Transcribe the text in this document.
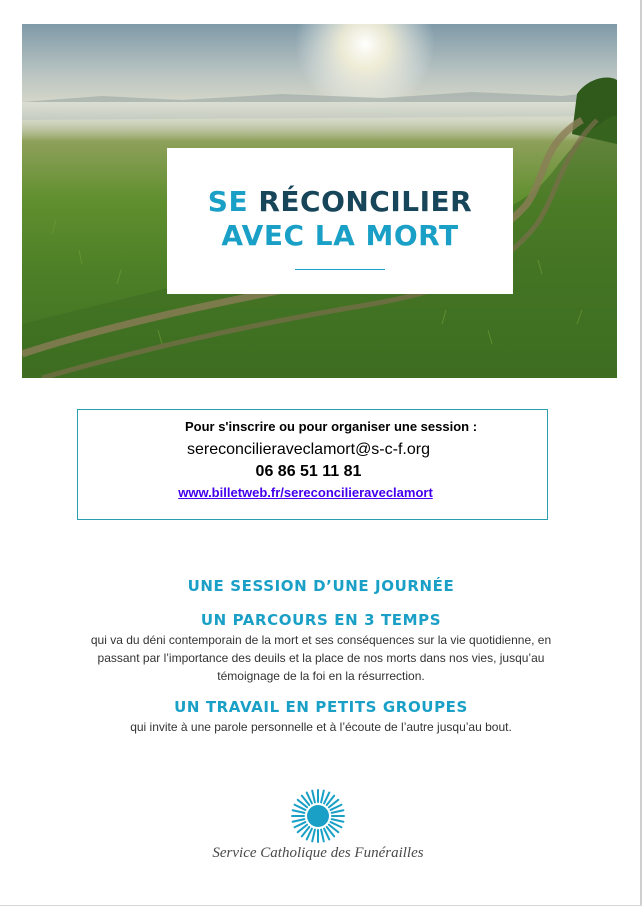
SE RÉCONCILIER
AVEC LA MORT
Pour s'inscrire ou pour organiser une session :
sereconcilieraveclamort@s-c-f.org
06 86 51 11 81
www.billetweb.fr/sereconcilieraveclamort
UNE SESSION D’UNE JOURNÉE
UN PARCOURS EN 3 TEMPS
qui va du déni contemporain de la mort et ses conséquences sur la vie quotidienne, en passant par l’importance des deuils et la place de nos morts dans nos vies, jusqu’au témoignage de la foi en la résurrection.
UN TRAVAIL EN PETITS GROUPES
qui invite à une parole personnelle et à l’écoute de l’autre jusqu’au bout.
Service Catholique des Funérailles
